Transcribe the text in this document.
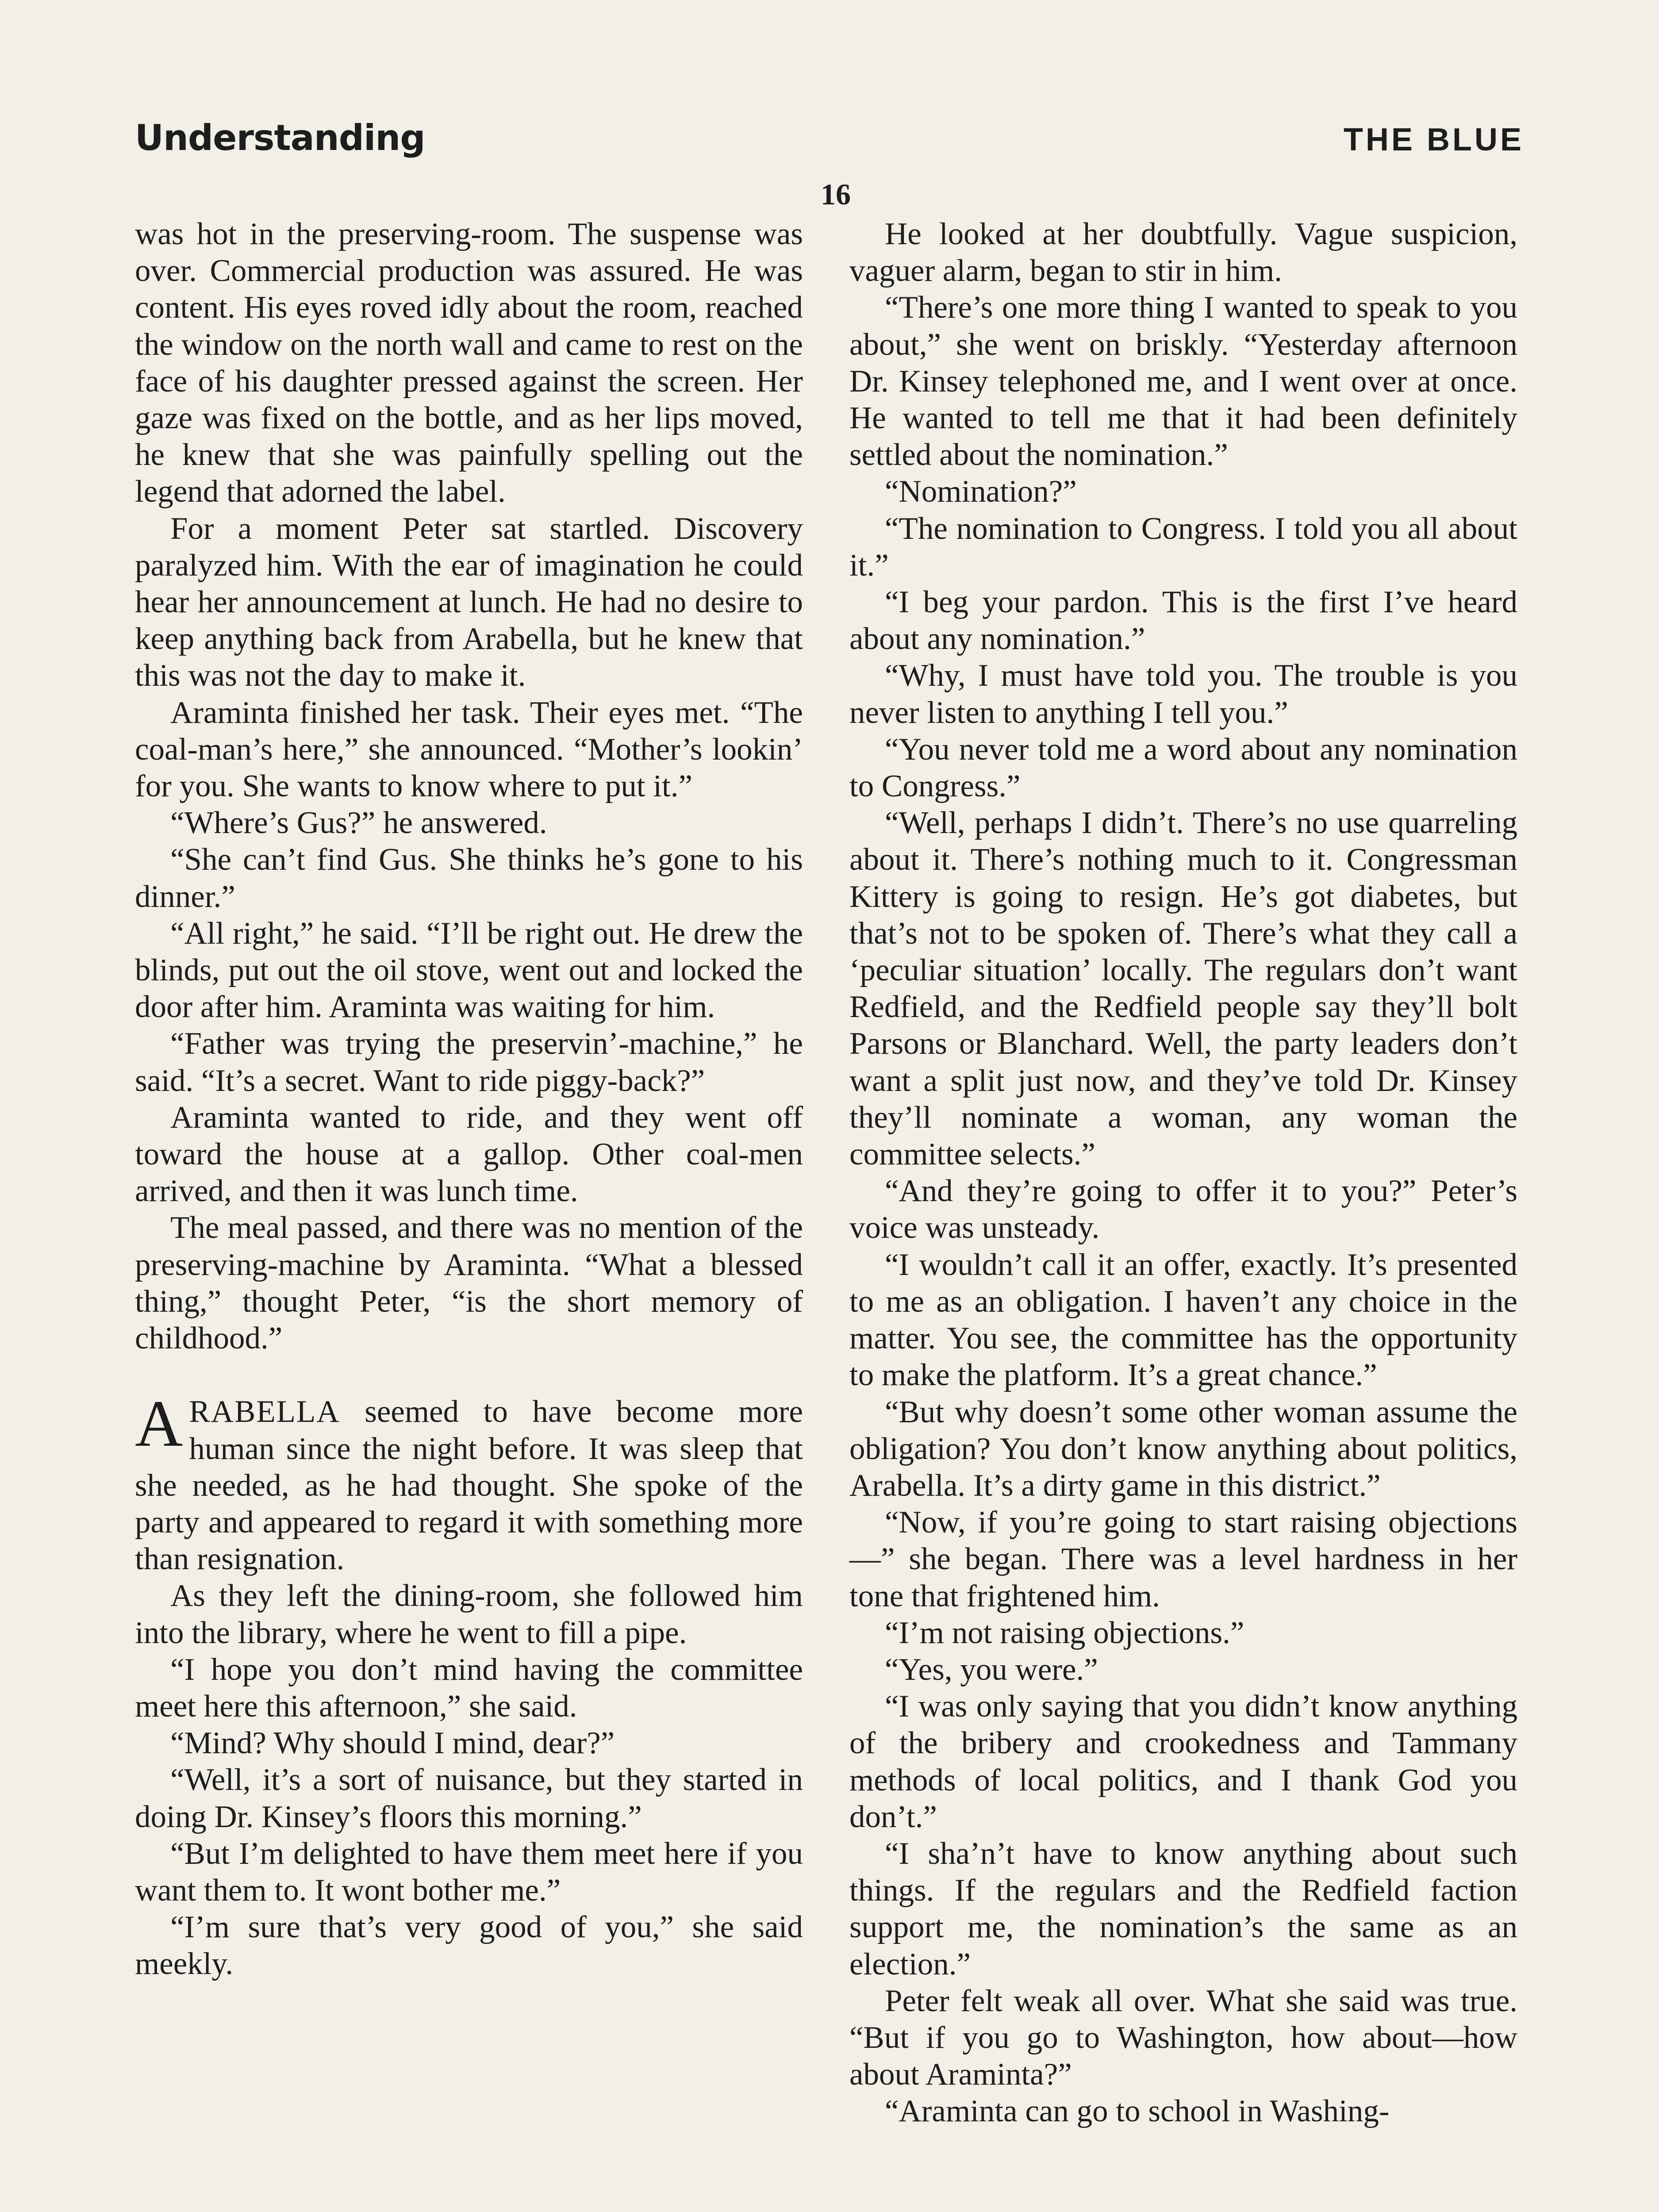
Understanding	THE BLUE
16

was hot in the preserving-room. The suspense was over. Commercial production was assured. He was content. His eyes roved idly about the room, reached the window on the north wall and came to rest on the face of his daughter pressed against the screen. Her gaze was fixed on the bottle, and as her lips moved, he knew that she was painfully spelling out the legend that adorned the label.

For a moment Peter sat startled. Discovery paralyzed him. With the ear of imagination he could hear her announcement at lunch. He had no desire to keep anything back from Arabella, but he knew that this was not the day to make it.

Araminta finished her task. Their eyes met. “The coal-man’s here,” she announced. “Mother’s lookin’ for you. She wants to know where to put it.”

“Where’s Gus?” he answered.

“She can’t find Gus. She thinks he’s gone to his dinner.”

“All right,” he said. “I’ll be right out. He drew the blinds, put out the oil stove, went out and locked the door after him. Araminta was waiting for him.

“Father was trying the preservin’-machine,” he said. “It’s a secret. Want to ride piggy-back?”

Araminta wanted to ride, and they went off toward the house at a gallop. Other coal-men arrived, and then it was lunch time.

The meal passed, and there was no mention of the preserving-machine by Araminta. “What a blessed thing,” thought Peter, “is the short memory of childhood.”

ARABELLA seemed to have become more human since the night before. It was sleep that she needed, as he had thought. She spoke of the party and appeared to regard it with something more than resignation.

As they left the dining-room, she followed him into the library, where he went to fill a pipe.

“I hope you don’t mind having the committee meet here this afternoon,” she said.

“Mind? Why should I mind, dear?”

“Well, it’s a sort of nuisance, but they started in doing Dr. Kinsey’s floors this morning.”

“But I’m delighted to have them meet here if you want them to. It wont bother me.”

“I’m sure that’s very good of you,” she said meekly.

He looked at her doubtfully. Vague suspicion, vaguer alarm, began to stir in him.

“There’s one more thing I wanted to speak to you about,” she went on briskly. “Yesterday afternoon Dr. Kinsey telephoned me, and I went over at once. He wanted to tell me that it had been definitely settled about the nomination.”

“Nomination?”

“The nomination to Congress. I told you all about it.”

“I beg your pardon. This is the first I’ve heard about any nomination.”

“Why, I must have told you. The trouble is you never listen to anything I tell you.”

“You never told me a word about any nomination to Congress.”

“Well, perhaps I didn’t. There’s no use quarreling about it. There’s nothing much to it. Congressman Kittery is going to resign. He’s got diabetes, but that’s not to be spoken of. There’s what they call a ‘peculiar situation’ locally. The regulars don’t want Redfield, and the Redfield people say they’ll bolt Parsons or Blanchard. Well, the party leaders don’t want a split just now, and they’ve told Dr. Kinsey they’ll nominate a woman, any woman the committee selects.”

“And they’re going to offer it to you?” Peter’s voice was unsteady.

“I wouldn’t call it an offer, exactly. It’s presented to me as an obligation. I haven’t any choice in the matter. You see, the committee has the opportunity to make the platform. It’s a great chance.”

“But why doesn’t some other woman assume the obligation? You don’t know anything about politics, Arabella. It’s a dirty game in this district.”

“Now, if you’re going to start raising objections—” she began. There was a level hardness in her tone that frightened him.

“I’m not raising objections.”

“Yes, you were.”

“I was only saying that you didn’t know anything of the bribery and crookedness and Tammany methods of local politics, and I thank God you don’t.”

“I sha’n’t have to know anything about such things. If the regulars and the Redfield faction support me, the nomination’s the same as an election.”

Peter felt weak all over. What she said was true. “But if you go to Washington, how about—how about Araminta?”

“Araminta can go to school in Washing-
